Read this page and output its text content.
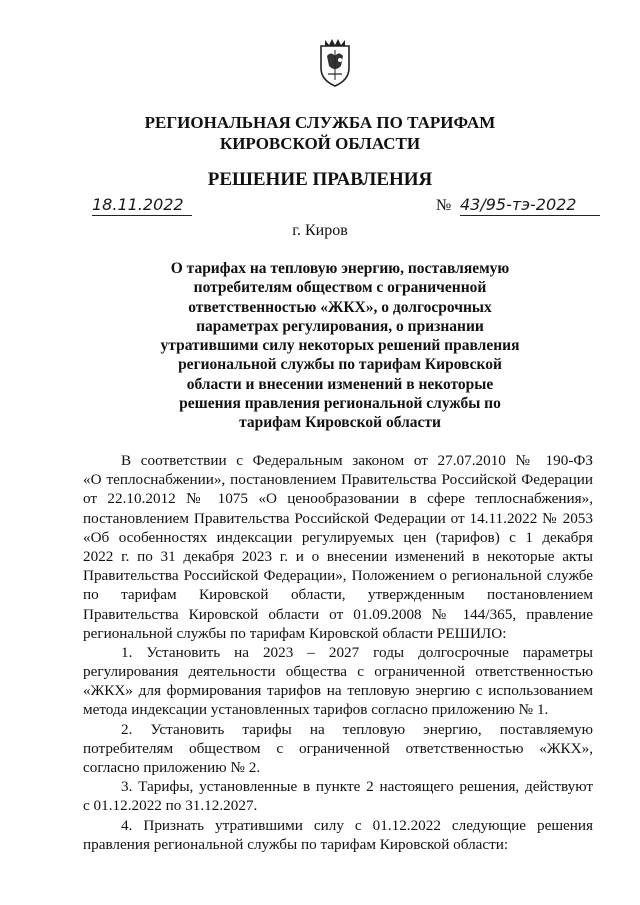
РЕГИОНАЛЬНАЯ СЛУЖБА ПО ТАРИФАМ
КИРОВСКОЙ ОБЛАСТИ
РЕШЕНИЕ ПРАВЛЕНИЯ
18.11.2022	№ 43/95-тэ-2022
г. Киров
О тарифах на тепловую энергию, поставляемую
потребителям обществом с ограниченной
ответственностью «ЖКХ», о долгосрочных
параметрах регулирования, о признании
утратившими силу некоторых решений правления
региональной службы по тарифам Кировской
области и внесении изменений в некоторые
решения правления региональной службы по
тарифам Кировской области
В соответствии с Федеральным законом от 27.07.2010 № 190-ФЗ
«О теплоснабжении», постановлением Правительства Российской Федерации
от 22.10.2012 № 1075 «О ценообразовании в сфере теплоснабжения»,
постановлением Правительства Российской Федерации от 14.11.2022 № 2053
«Об особенностях индексации регулируемых цен (тарифов) с 1 декабря
2022 г. по 31 декабря 2023 г. и о внесении изменений в некоторые акты
Правительства Российской Федерации», Положением о региональной службе
по тарифам Кировской области, утвержденным постановлением
Правительства Кировской области от 01.09.2008 № 144/365, правление
региональной службы по тарифам Кировской области РЕШИЛО:
1. Установить на 2023 – 2027 годы долгосрочные параметры
регулирования деятельности общества с ограниченной ответственностью
«ЖКХ» для формирования тарифов на тепловую энергию с использованием
метода индексации установленных тарифов согласно приложению № 1.
2. Установить тарифы на тепловую энергию, поставляемую
потребителям обществом с ограниченной ответственностью «ЖКХ»,
согласно приложению № 2.
3. Тарифы, установленные в пункте 2 настоящего решения, действуют
с 01.12.2022 по 31.12.2027.
4. Признать утратившими силу с 01.12.2022 следующие решения
правления региональной службы по тарифам Кировской области:
